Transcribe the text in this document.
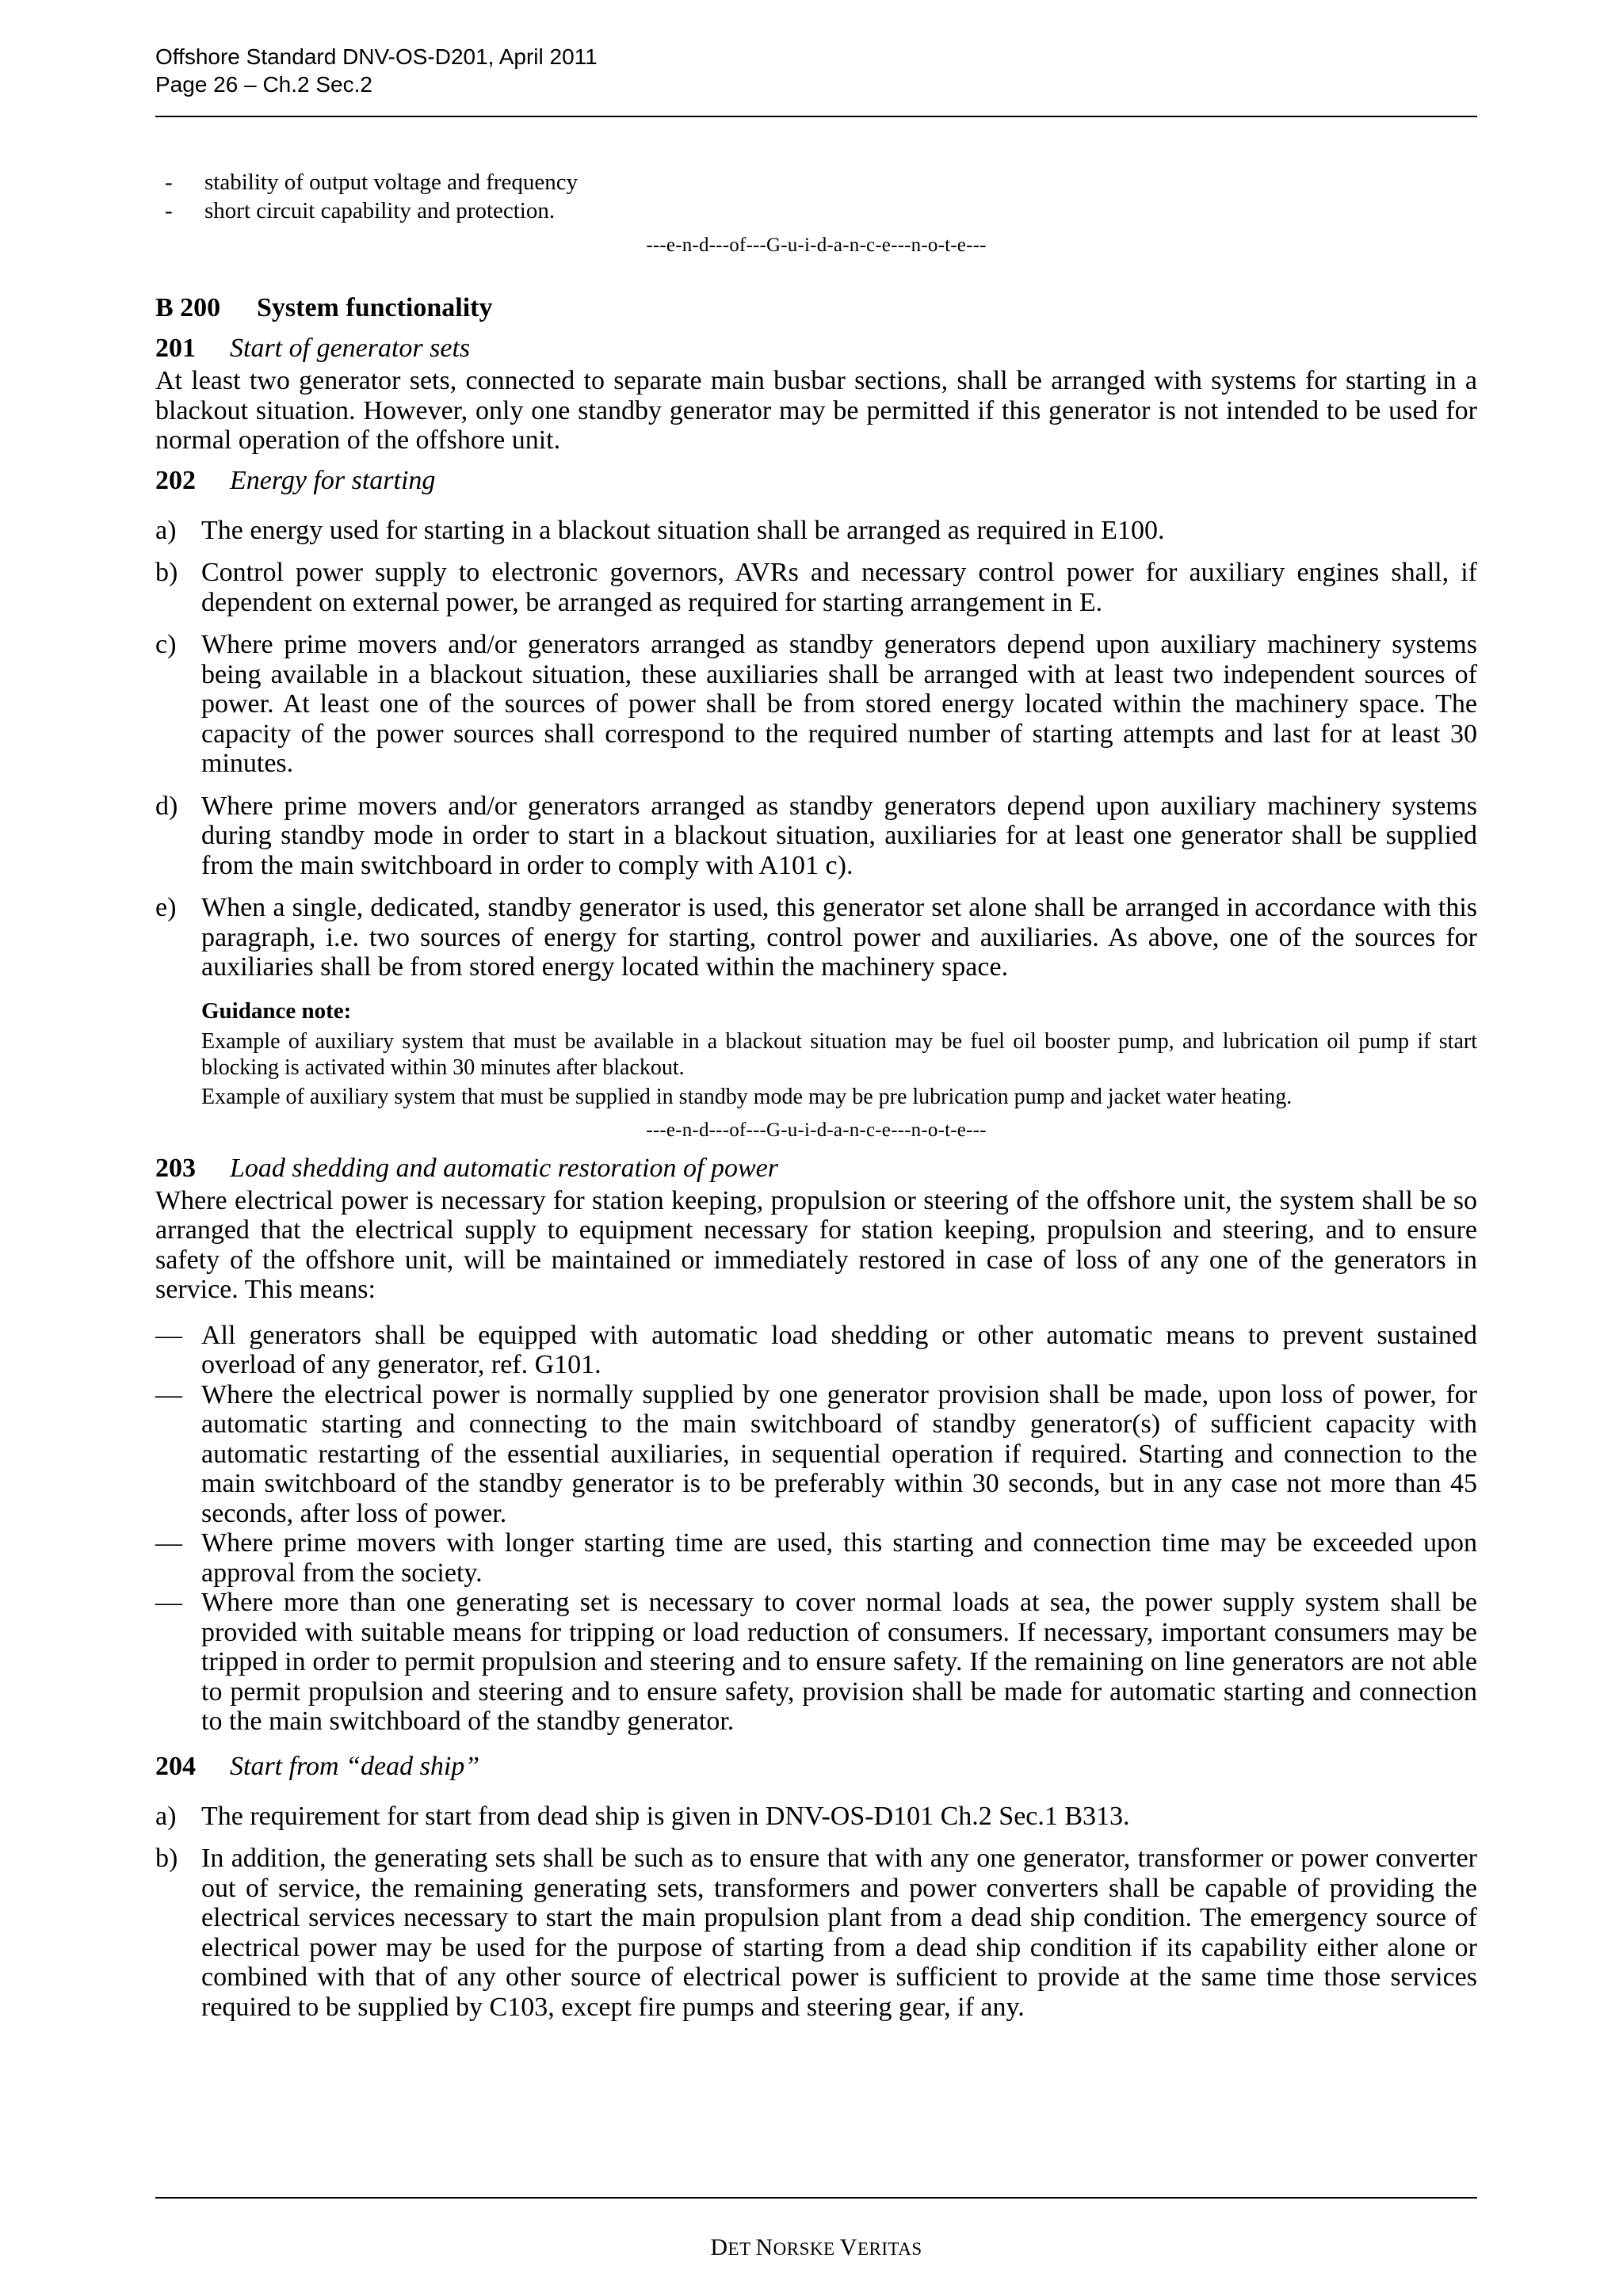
Offshore Standard DNV-OS-D201, April 2011
Page 26 – Ch.2 Sec.2
- stability of output voltage and frequency
- short circuit capability and protection.

---e-n-d---of---G-u-i-d-a-n-c-e---n-o-t-e---

B 200 System functionality
201 Start of generator sets

At least two generator sets, connected to separate main busbar sections, shall be arranged with systems for starting in a blackout situation. However, only one standby generator may be permitted if this generator is not intended to be used for normal operation of the offshore unit.

202 Energy for starting
a) The energy used for starting in a blackout situation shall be arranged as required in E100.
b) Control power supply to electronic governors, AVRs and necessary control power for auxiliary engines shall, if dependent on external power, be arranged as required for starting arrangement in E.
c) Where prime movers and/or generators arranged as standby generators depend upon auxiliary machinery systems being available in a blackout situation, these auxiliaries shall be arranged with at least two independent sources of power. At least one of the sources of power shall be from stored energy located within the machinery space. The capacity of the power sources shall correspond to the required number of starting attempts and last for at least 30 minutes.
d) Where prime movers and/or generators arranged as standby generators depend upon auxiliary machinery systems during standby mode in order to start in a blackout situation, auxiliaries for at least one generator shall be supplied from the main switchboard in order to comply with A101 c).
e) When a single, dedicated, standby generator is used, this generator set alone shall be arranged in accordance with this paragraph, i.e. two sources of energy for starting, control power and auxiliaries. As above, one of the sources for auxiliaries shall be from stored energy located within the machinery space.
Guidance note:

Example of auxiliary system that must be available in a blackout situation may be fuel oil booster pump, and lubrication oil pump if start blocking is activated within 30 minutes after blackout.

Example of auxiliary system that must be supplied in standby mode may be pre lubrication pump and jacket water heating.

---e-n-d---of---G-u-i-d-a-n-c-e---n-o-t-e---

203 Load shedding and automatic restoration of power

Where electrical power is necessary for station keeping, propulsion or steering of the offshore unit, the system shall be so arranged that the electrical supply to equipment necessary for station keeping, propulsion and steering, and to ensure safety of the offshore unit, will be maintained or immediately restored in case of loss of any one of the generators in service. This means:

— All generators shall be equipped with automatic load shedding or other automatic means to prevent sustained overload of any generator, ref. G101.
— Where the electrical power is normally supplied by one generator provision shall be made, upon loss of power, for automatic starting and connecting to the main switchboard of standby generator(s) of sufficient capacity with automatic restarting of the essential auxiliaries, in sequential operation if required. Starting and connection to the main switchboard of the standby generator is to be preferably within 30 seconds, but in any case not more than 45 seconds, after loss of power.
— Where prime movers with longer starting time are used, this starting and connection time may be exceeded upon approval from the society.
— Where more than one generating set is necessary to cover normal loads at sea, the power supply system shall be provided with suitable means for tripping or load reduction of consumers. If necessary, important consumers may be tripped in order to permit propulsion and steering and to ensure safety. If the remaining on line generators are not able to permit propulsion and steering and to ensure safety, provision shall be made for automatic starting and connection to the main switchboard of the standby generator.
204 Start from “dead ship”
a) The requirement for start from dead ship is given in DNV-OS-D101 Ch.2 Sec.1 B313.
b) In addition, the generating sets shall be such as to ensure that with any one generator, transformer or power converter out of service, the remaining generating sets, transformers and power converters shall be capable of providing the electrical services necessary to start the main propulsion plant from a dead ship condition. The emergency source of electrical power may be used for the purpose of starting from a dead ship condition if its capability either alone or combined with that of any other source of electrical power is sufficient to provide at the same time those services required to be supplied by C103, except fire pumps and steering gear, if any.
DET NORSKE VERITAS
